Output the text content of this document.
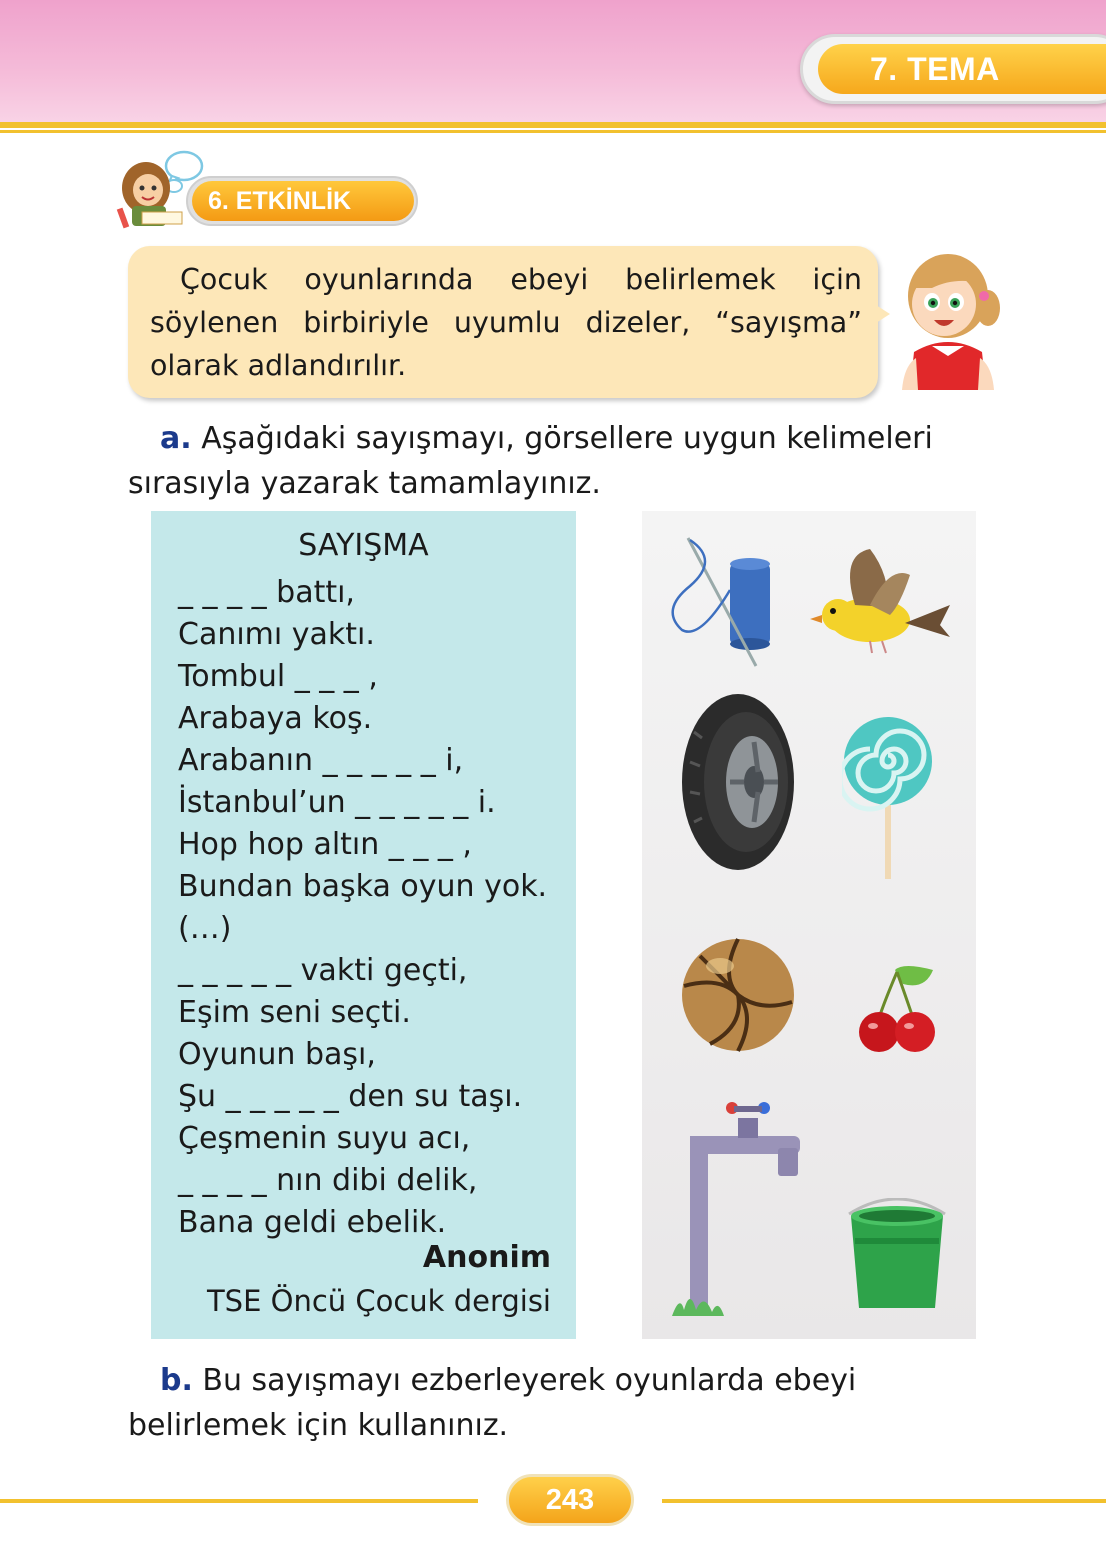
7. TEMA
6. ETKİNLİK
Çocuk oyunlarında ebeyi belirlemek için söylenen birbiriyle uyumlu dizeler, “sayışma” olarak adlandırılır.
a. Aşağıdaki sayışmayı, görsellere uygun kelimeleri sırasıyla yazarak tamamlayınız.
SAYIŞMA
_ _ _ _ battı,
Canımı yaktı.
Tombul _ _ _ ,
Arabaya koş.
Arabanın _ _ _ _ _ i,
İstanbul’un _ _ _ _ _ i.
Hop hop altın _ _ _ ,
Bundan başka oyun yok.
(…)
_ _ _ _ _ vakti geçti,
Eşim seni seçti.
Oyunun başı,
Şu _ _ _ _ _ den su taşı.
Çeşmenin suyu acı,
_ _ _ _ nın dibi delik,
Bana geldi ebelik.
Anonim
TSE Öncü Çocuk dergisi
b. Bu sayışmayı ezberleyerek oyunlarda ebeyi belirlemek için kullanınız.
243
